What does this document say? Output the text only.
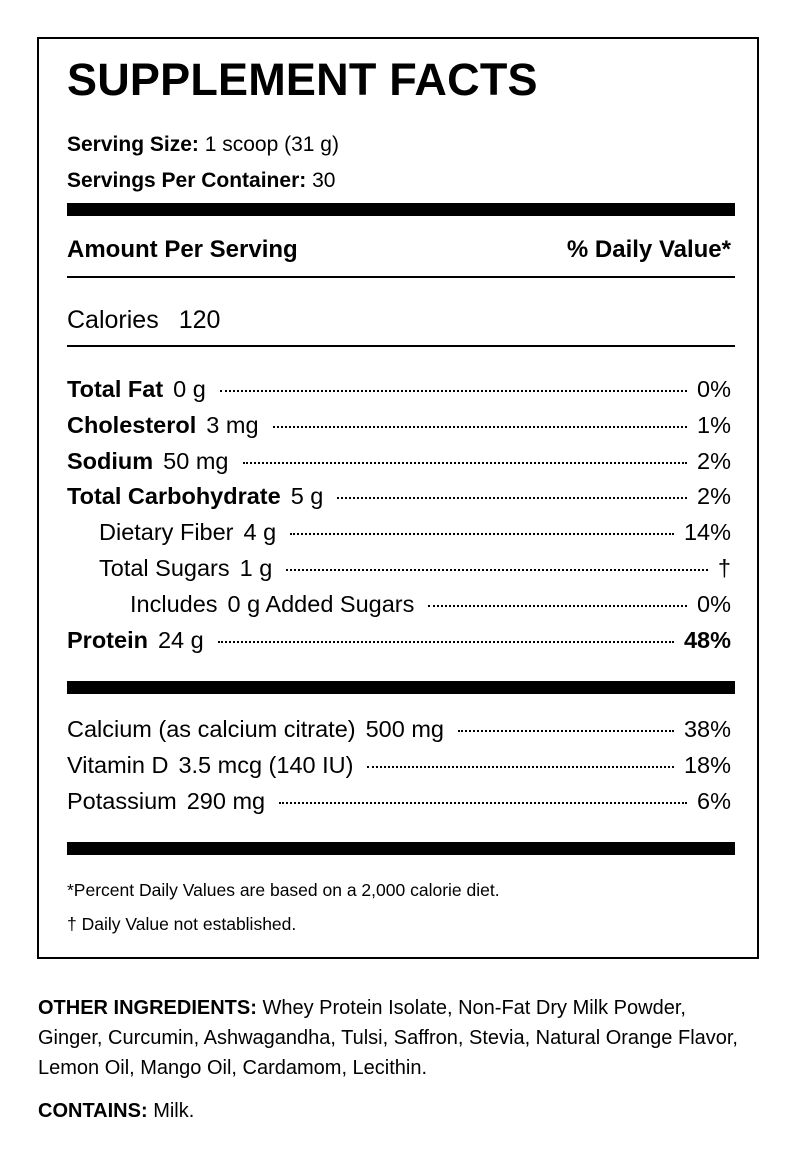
SUPPLEMENT FACTS
Serving Size: 1 scoop (31 g)
Servings Per Container: 30
Amount Per Serving	% Daily Value*
Calories 120
Total Fat 0 g	0%
Cholesterol 3 mg	1%
Sodium 50 mg	2%
Total Carbohydrate 5 g	2%
Dietary Fiber 4 g	14%
Total Sugars 1 g	†
Includes 0 g Added Sugars	0%
Protein 24 g	48%
Calcium (as calcium citrate) 500 mg	38%
Vitamin D 3.5 mcg (140 IU)	18%
Potassium 290 mg	6%
*Percent Daily Values are based on a 2,000 calorie diet.
† Daily Value not established.
OTHER INGREDIENTS: Whey Protein Isolate, Non-Fat Dry Milk Powder, Ginger, Curcumin, Ashwagandha, Tulsi, Saffron, Stevia, Natural Orange Flavor, Lemon Oil, Mango Oil, Cardamom, Lecithin.
CONTAINS: Milk.
